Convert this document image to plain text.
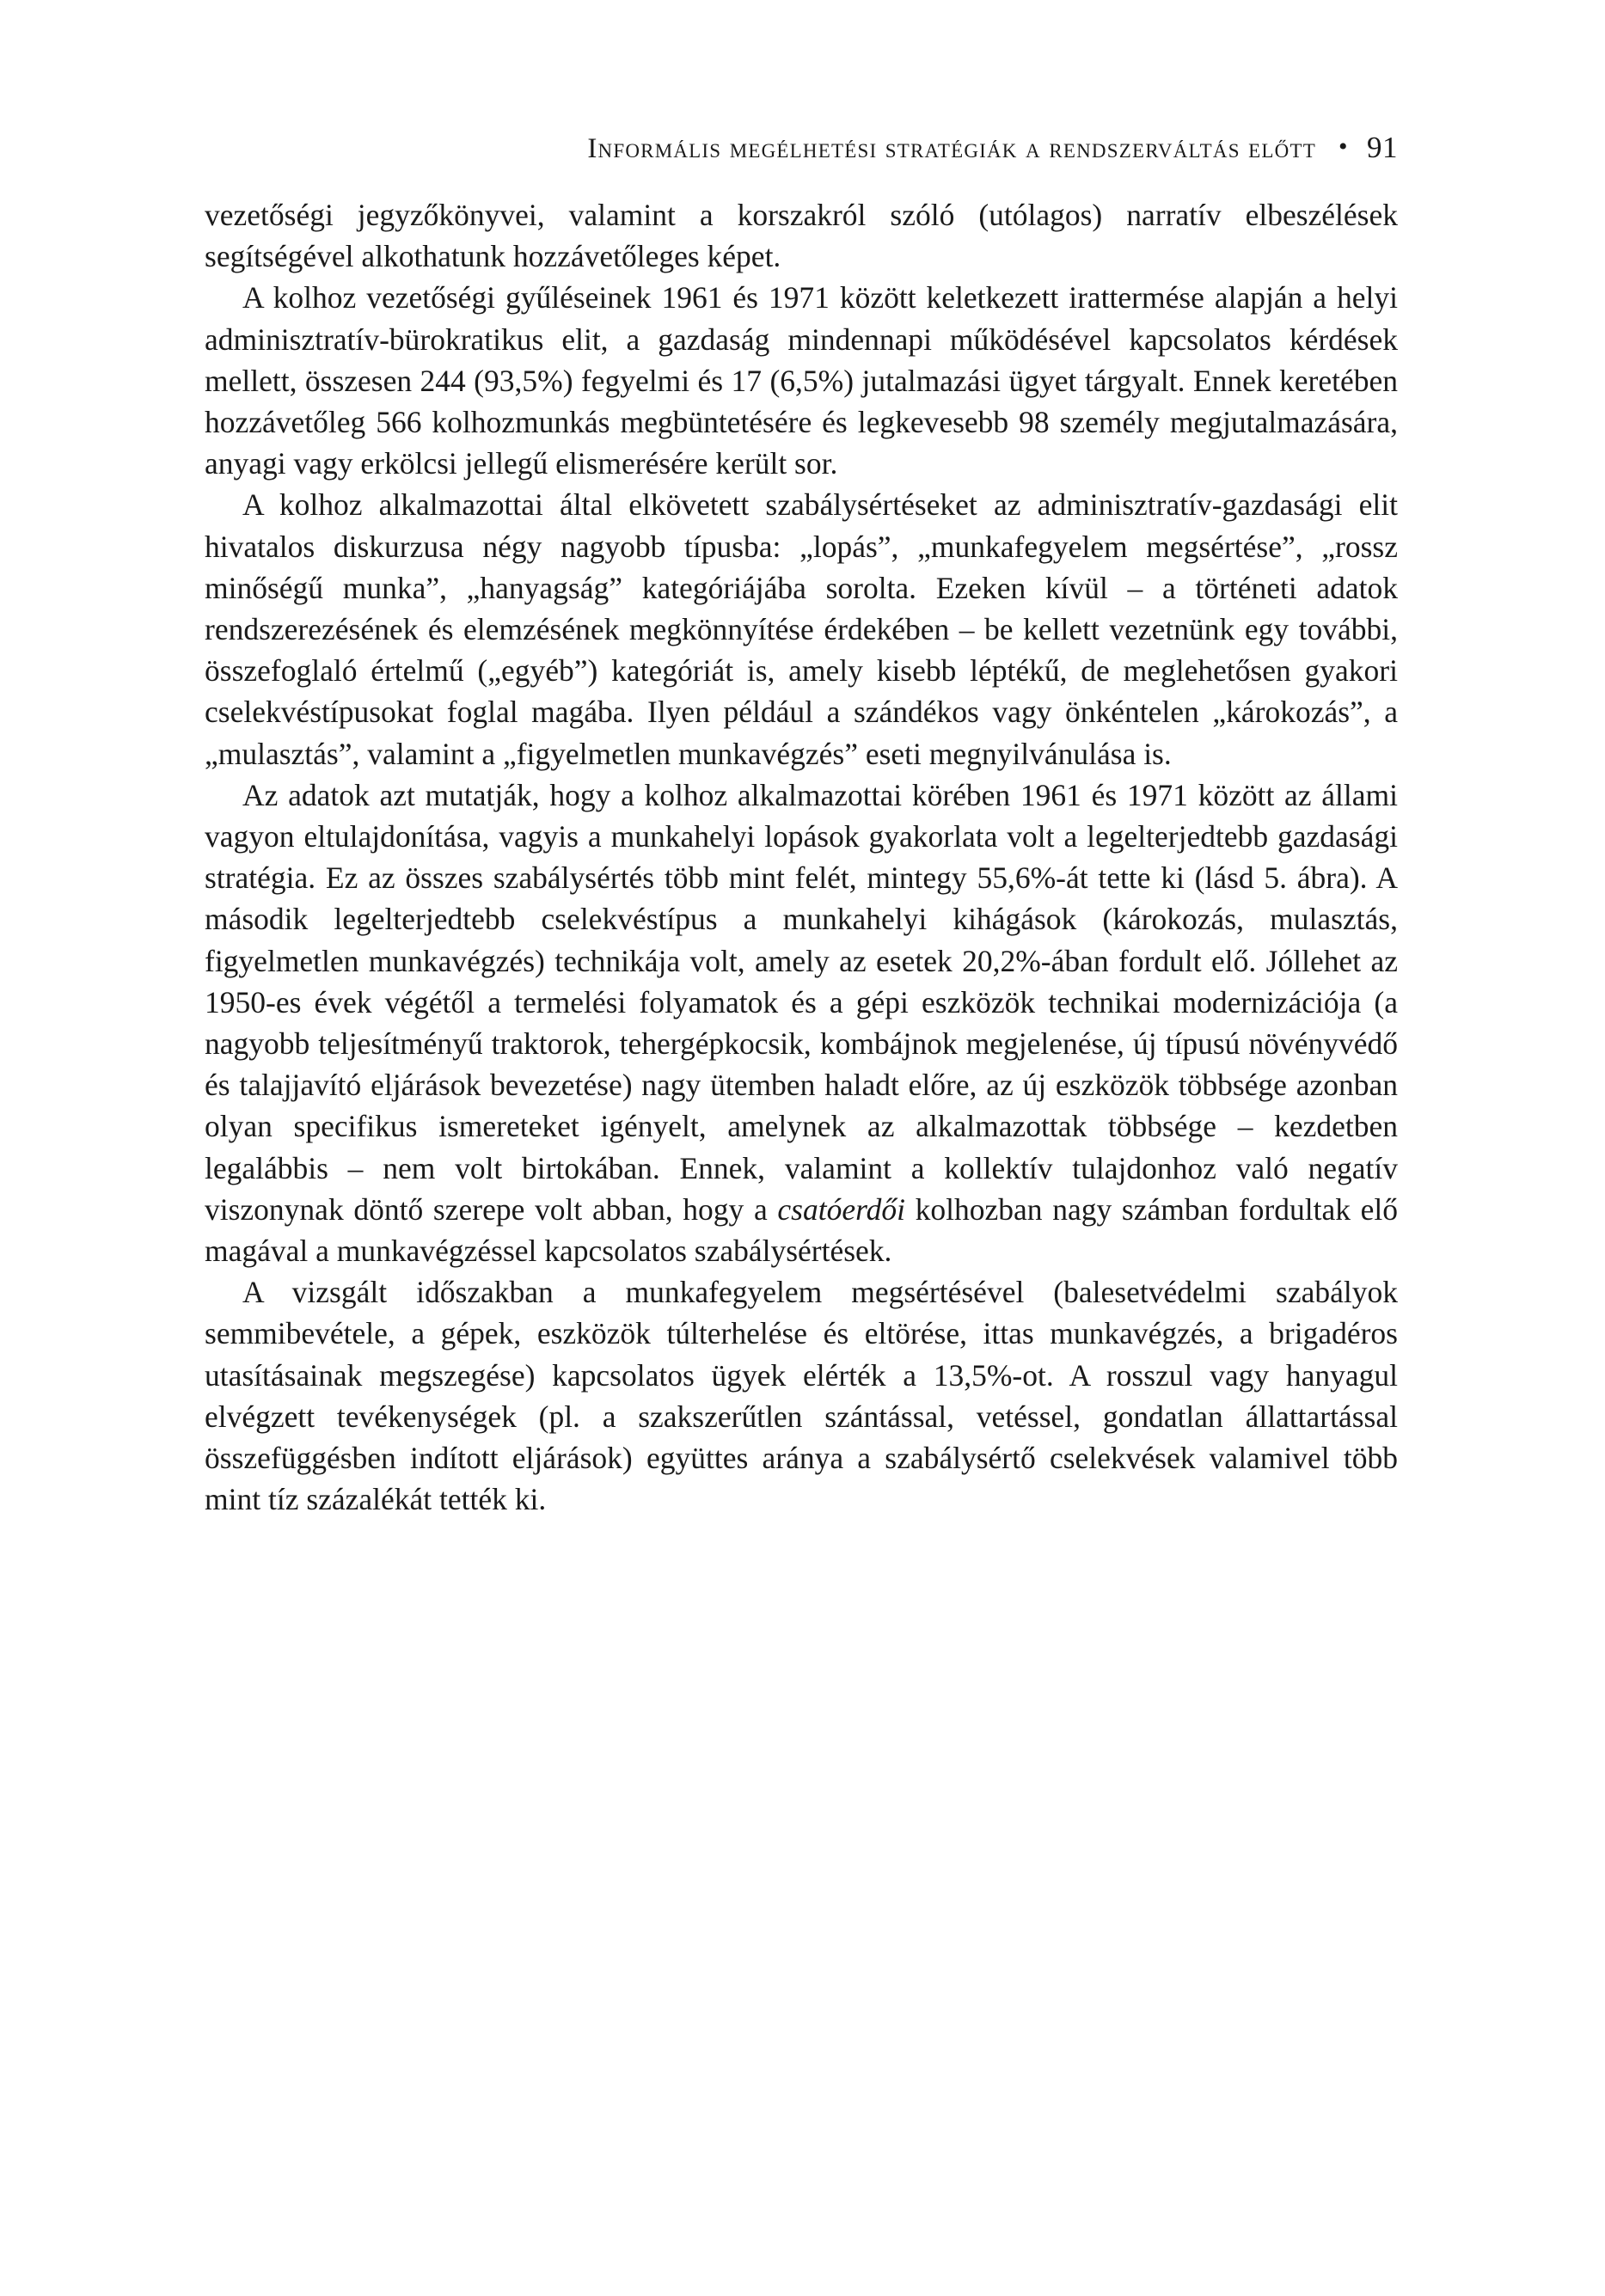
Informális megélhetési stratégiák a rendszerváltás előtt • 91

vezetőségi jegyzőkönyvei, valamint a korszakról szóló (utólagos) narratív elbeszélések segítségével alkothatunk hozzávetőleges képet.

A kolhoz vezetőségi gyűléseinek 1961 és 1971 között keletkezett irattermése alapján a helyi adminisztratív-bürokratikus elit, a gazdaság mindennapi működésével kapcsolatos kérdések mellett, összesen 244 (93,5%) fegyelmi és 17 (6,5%) jutalmazási ügyet tárgyalt. Ennek keretében hozzávetőleg 566 kolhozmunkás megbüntetésére és legkevesebb 98 személy megjutalmazására, anyagi vagy erkölcsi jellegű elismerésére került sor.

A kolhoz alkalmazottai által elkövetett szabálysértéseket az adminisztratív-gazdasági elit hivatalos diskurzusa négy nagyobb típusba: „lopás”, „munkafegyelem megsértése”, „rossz minőségű munka”, „hanyagság” kategóriájába sorolta. Ezeken kívül – a történeti adatok rendszerezésének és elemzésének megkönnyítése érdekében – be kellett vezetnünk egy további, összefoglaló értelmű („egyéb”) kategóriát is, amely kisebb léptékű, de meglehetősen gyakori cselekvéstípusokat foglal magába. Ilyen például a szándékos vagy önkéntelen „károkozás”, a „mulasztás”, valamint a „figyelmetlen munkavégzés” eseti megnyilvánulása is.

Az adatok azt mutatják, hogy a kolhoz alkalmazottai körében 1961 és 1971 között az állami vagyon eltulajdonítása, vagyis a munkahelyi lopások gyakorlata volt a legelterjedtebb gazdasági stratégia. Ez az összes szabálysértés több mint felét, mintegy 55,6%-át tette ki (lásd 5. ábra). A második legelterjedtebb cselekvéstípus a munkahelyi kihágások (károkozás, mulasztás, figyelmetlen munkavégzés) technikája volt, amely az esetek 20,2%-ában fordult elő. Jóllehet az 1950-es évek végétől a termelési folyamatok és a gépi eszközök technikai modernizációja (a nagyobb teljesítményű traktorok, tehergépkocsik, kombájnok megjelenése, új típusú növényvédő és talajjavító eljárások bevezetése) nagy ütemben haladt előre, az új eszközök többsége azonban olyan specifikus ismereteket igényelt, amelynek az alkalmazottak többsége – kezdetben legalábbis – nem volt birtokában. Ennek, valamint a kollektív tulajdonhoz való negatív viszonynak döntő szerepe volt abban, hogy a csatóerdői kolhozban nagy számban fordultak elő magával a munkavégzéssel kapcsolatos szabálysértések.

A vizsgált időszakban a munkafegyelem megsértésével (balesetvédelmi szabályok semmibevétele, a gépek, eszközök túlterhelése és eltörése, ittas munkavégzés, a brigadéros utasításainak megszegése) kapcsolatos ügyek elérték a 13,5%-ot. A rosszul vagy hanyagul elvégzett tevékenységek (pl. a szakszerűtlen szántással, vetéssel, gondatlan állattartással összefüggésben indított eljárások) együttes aránya a szabálysértő cselekvések valamivel több mint tíz százalékát tették ki.
